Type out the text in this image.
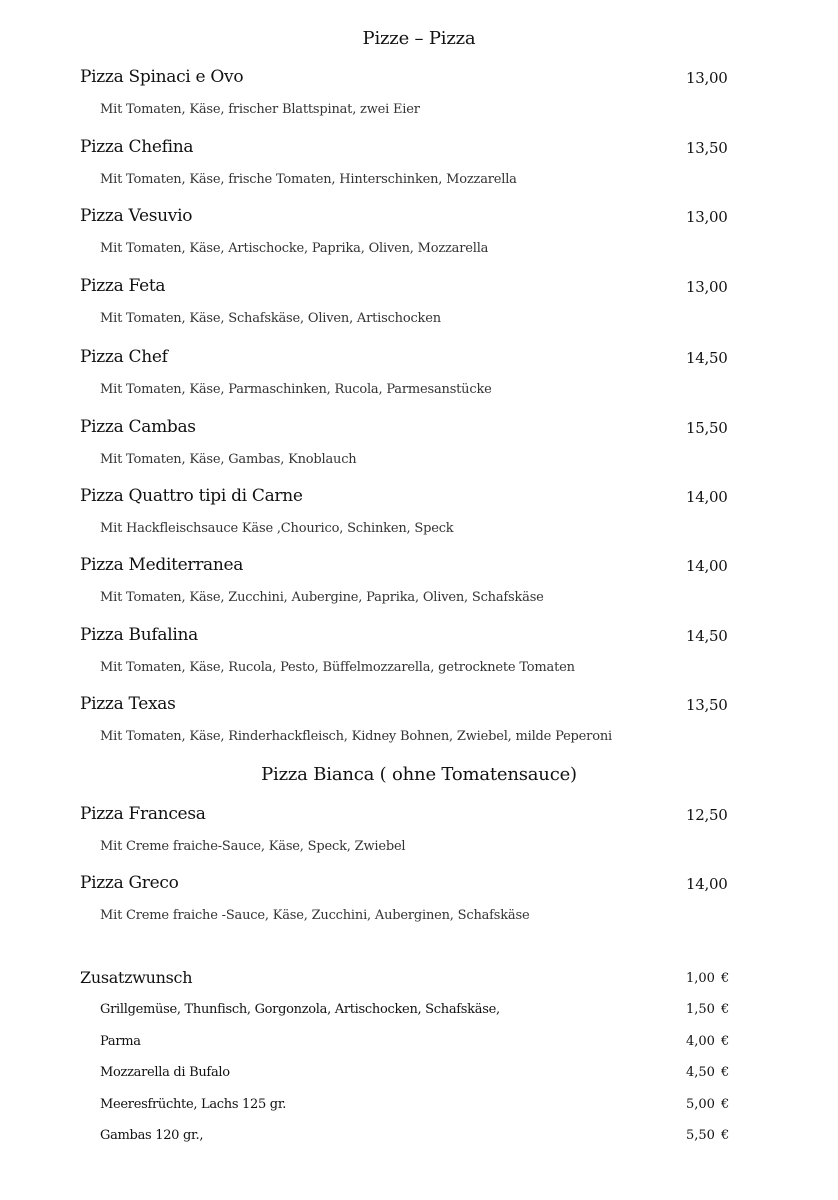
Pizze – Pizza
Pizza Spinaci e Ovo	13,00
Mit Tomaten, Käse, frischer Blattspinat, zwei Eier
Pizza Chefina	13,50
Mit Tomaten, Käse, frische Tomaten, Hinterschinken, Mozzarella
Pizza Vesuvio	13,00
Mit Tomaten, Käse, Artischocke, Paprika, Oliven, Mozzarella
Pizza Feta	13,00
Mit Tomaten, Käse, Schafskäse, Oliven, Artischocken
Pizza Chef	14,50
Mit Tomaten, Käse, Parmaschinken, Rucola, Parmesanstücke
Pizza Cambas	15,50
Mit Tomaten, Käse, Gambas, Knoblauch
Pizza Quattro tipi di Carne	14,00
Mit Hackfleischsauce Käse ,Chourico, Schinken, Speck
Pizza Mediterranea	14,00
Mit Tomaten, Käse, Zucchini, Aubergine, Paprika, Oliven, Schafskäse
Pizza Bufalina	14,50
Mit Tomaten, Käse, Rucola, Pesto, Büffelmozzarella, getrocknete Tomaten
Pizza Texas	13,50
Mit Tomaten, Käse, Rinderhackfleisch, Kidney Bohnen, Zwiebel, milde Peperoni
Pizza Bianca ( ohne Tomatensauce)
Pizza Francesa	12,50
Mit Creme fraiche-Sauce, Käse, Speck, Zwiebel
Pizza Greco	14,00
Mit Creme fraiche -Sauce, Käse, Zucchini, Auberginen, Schafskäse
Zusatzwunsch	1,00 €
Grillgemüse, Thunfisch, Gorgonzola, Artischocken, Schafskäse,	1,50 €
Parma	4,00 €
Mozzarella di Bufalo	4,50 €
Meeresfrüchte, Lachs 125 gr.	5,00 €
Gambas 120 gr.,	5,50 €
